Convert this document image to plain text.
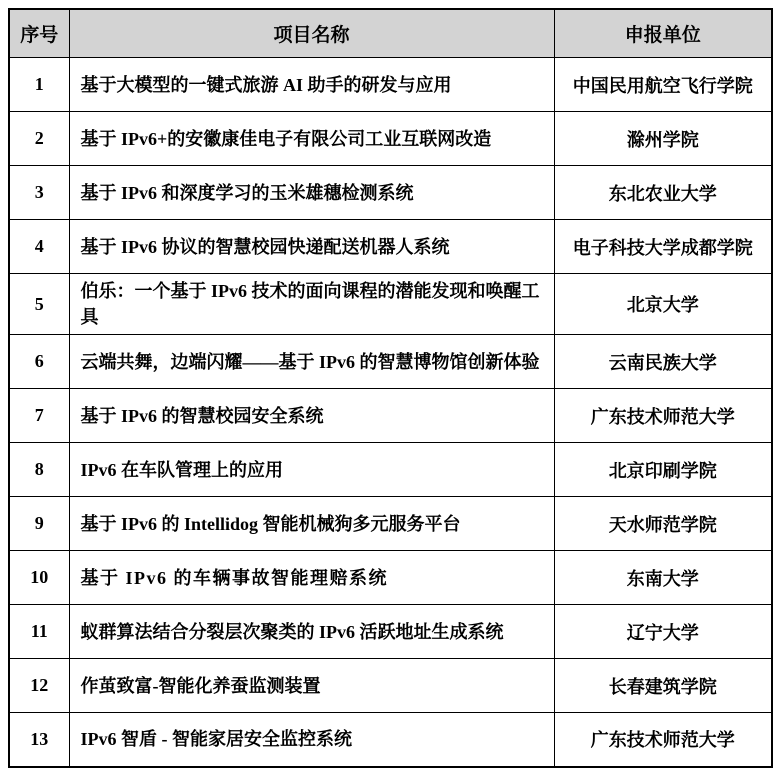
序号	项目名称	申报单位
1	基于大模型的一键式旅游 AI 助手的研发与应用	中国民用航空飞行学院
2	基于 IPv6+的安徽康佳电子有限公司工业互联网改造	滁州学院
3	基于 IPv6 和深度学习的玉米雄穗检测系统	东北农业大学
4	基于 IPv6 协议的智慧校园快递配送机器人系统	电子科技大学成都学院
5	伯乐：一个基于 IPv6 技术的面向课程的潜能发现和唤醒工具	北京大学
6	云端共舞，边端闪耀——基于 IPv6 的智慧博物馆创新体验	云南民族大学
7	基于 IPv6 的智慧校园安全系统	广东技术师范大学
8	IPv6 在车队管理上的应用	北京印刷学院
9	基于 IPv6 的 Intellidog 智能机械狗多元服务平台	天水师范学院
10	基于 IPv6 的车辆事故智能理赔系统	东南大学
11	蚁群算法结合分裂层次聚类的 IPv6 活跃地址生成系统	辽宁大学
12	作茧致富-智能化养蚕监测装置	长春建筑学院
13	IPv6 智盾 - 智能家居安全监控系统	广东技术师范大学
